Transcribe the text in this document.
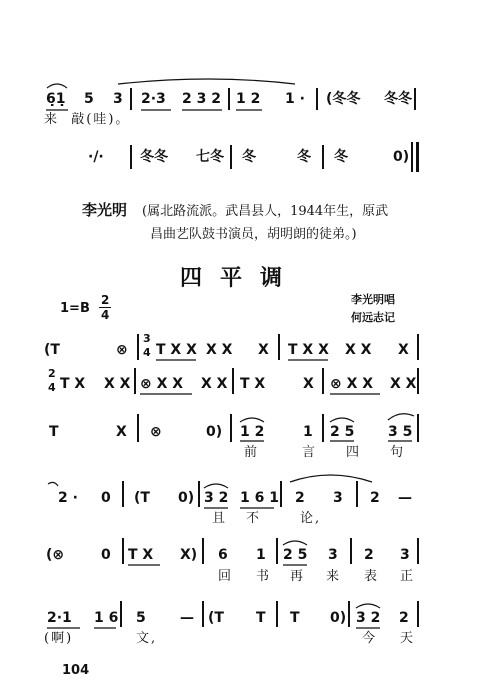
6̣1̣ 5 3 2·3 2 3 2 1 2 1 · (冬冬 冬冬
来  敲(哇)。
∙/∙	冬冬 七冬 冬	冬 冬	0)
李光明 (属北路流派。武昌县人，1944年生，原武
昌曲艺队鼓书演员，胡明朗的徒弟。)
四平调
1=B
2
4
李光明唱
何远志记
(T	⊗
3
4 T X X X X X T X X X X X
2
4 T X X X ⊗ X X X X T X	X ⊗ X X X X
T	X ⊗	0) 1 2	1 2 5 3 5
前	言 四 句
2 · 0 (T 0) 3 2 1 6 1 2 3 2 —
且 不	论,
(⊗	0 T X X) 6 1 2 5 3 2 3
回 书 再 来 表 正
2·1 1 6 5 — (T T T 0) 3 2 2
(啊)	文,	今 天
104
